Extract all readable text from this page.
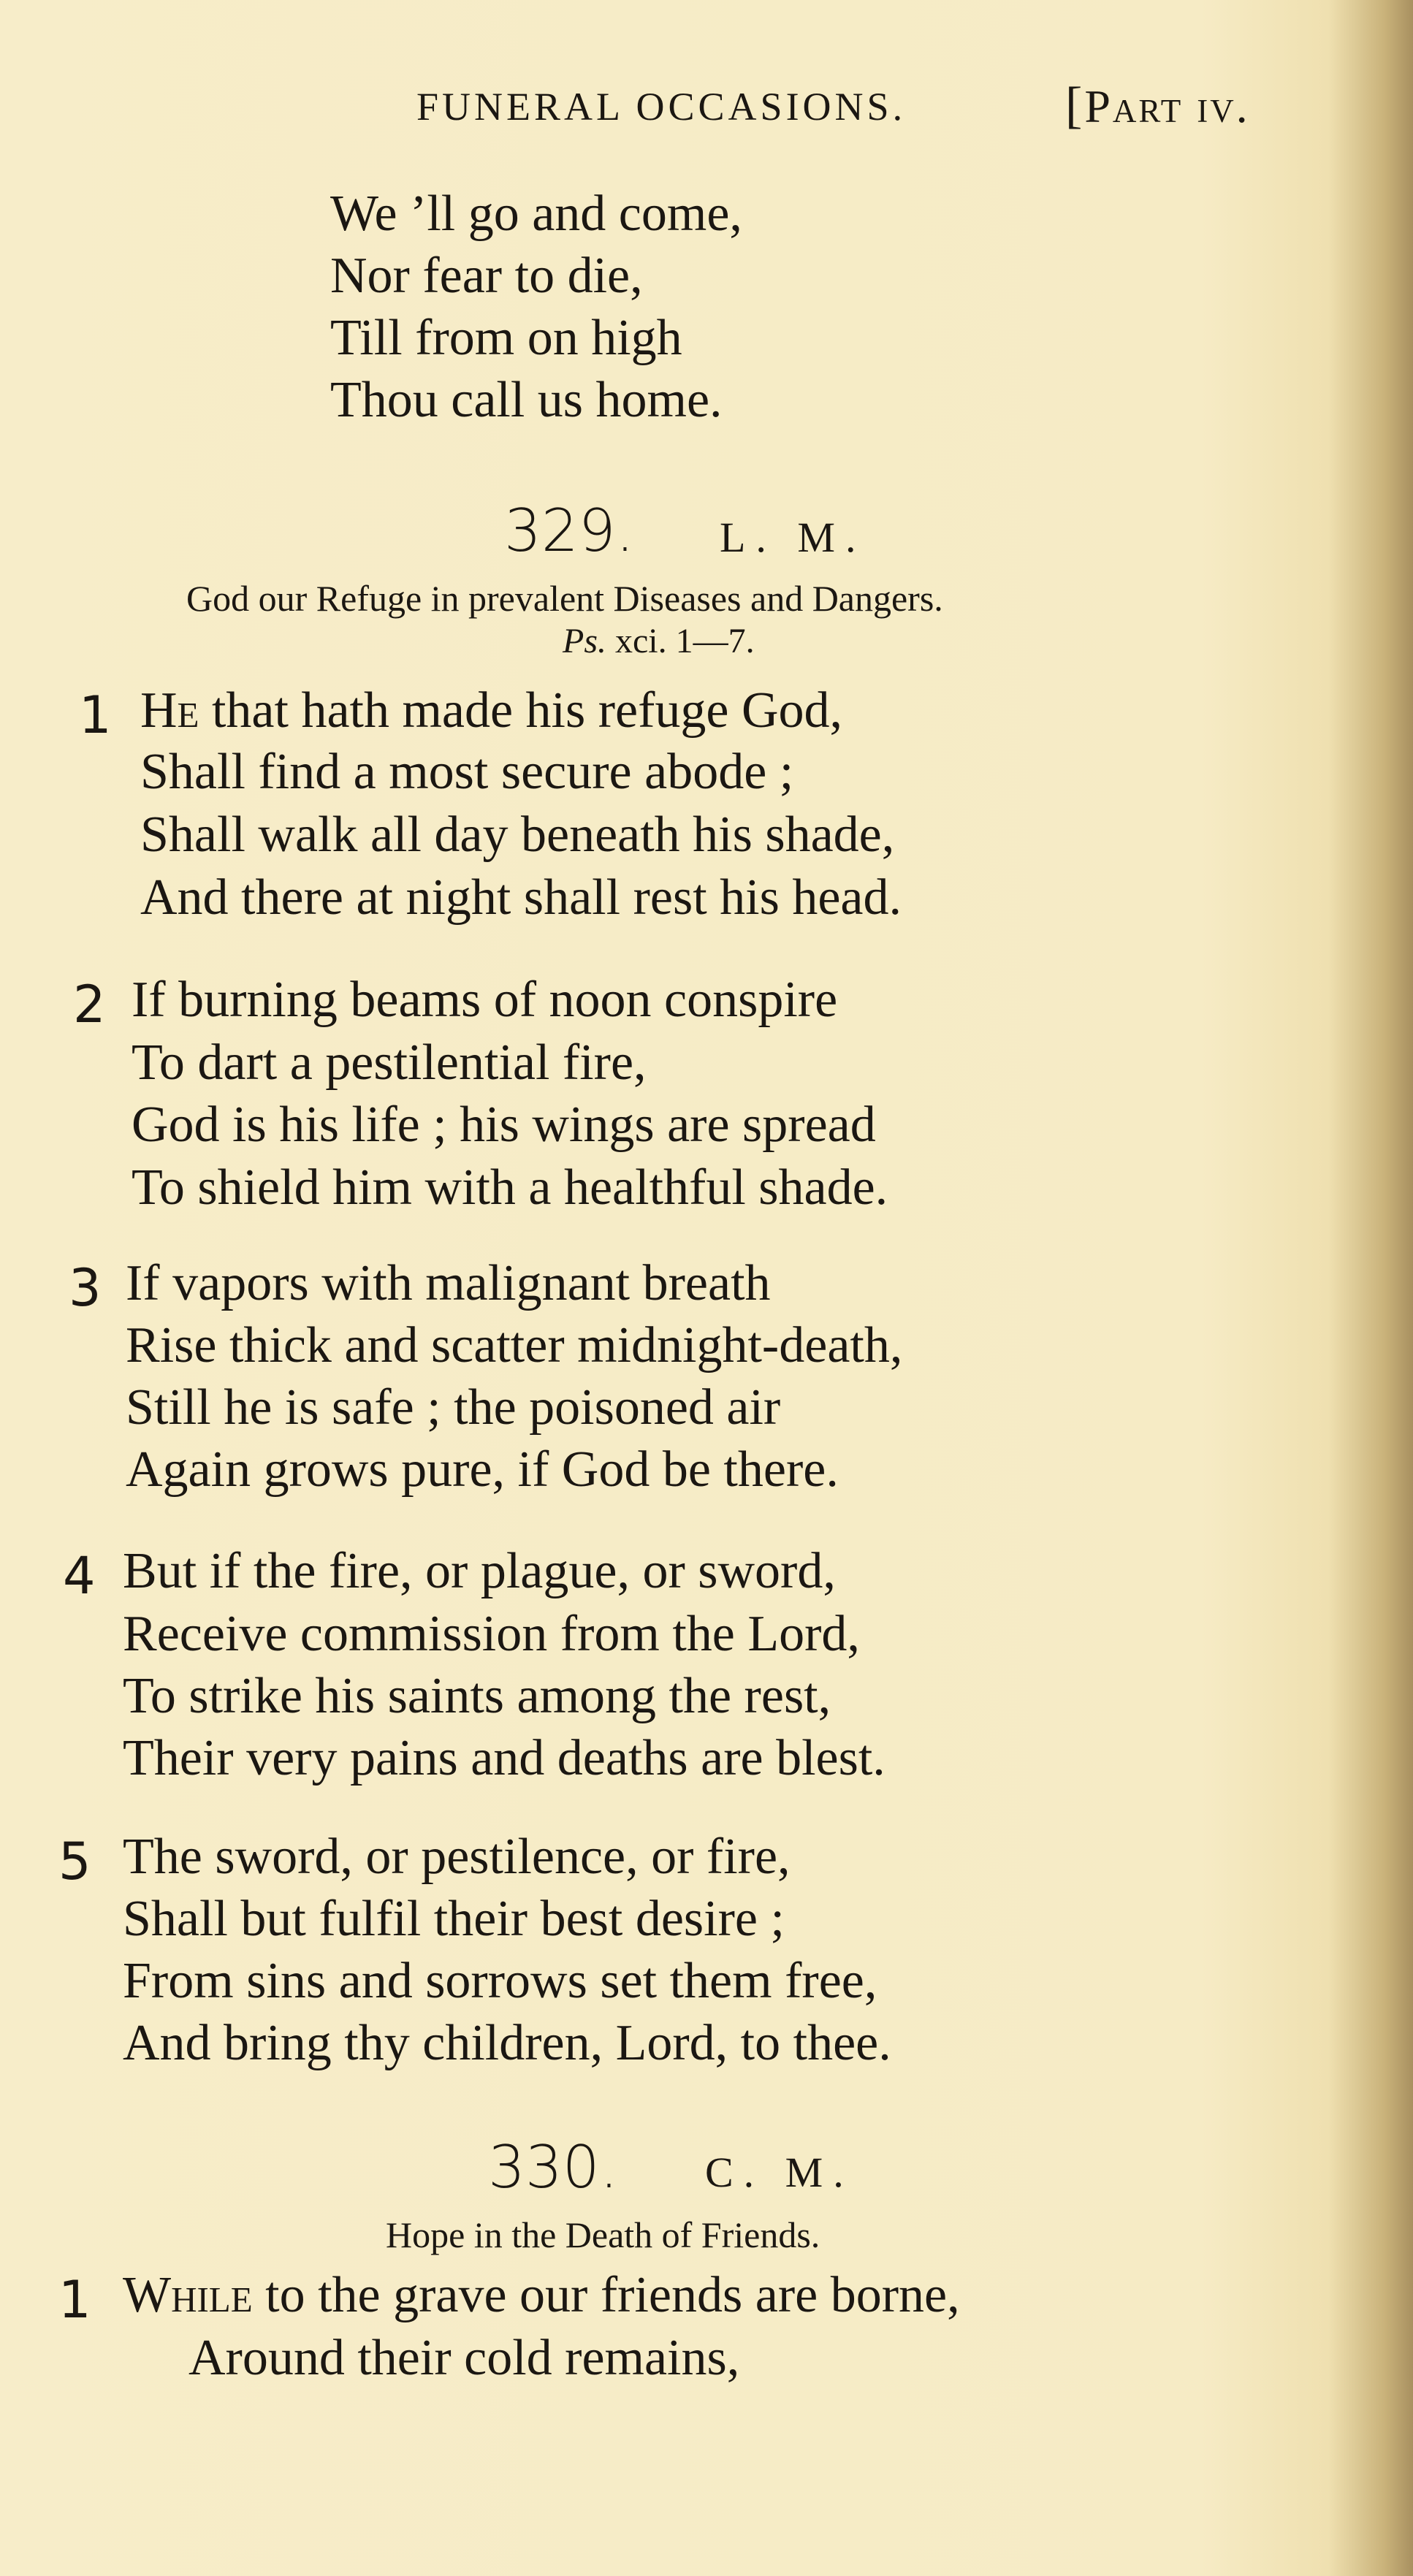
FUNERAL OCCASIONS.	[Part iv.
We ’ll go and come,
Nor fear to die,
Till from on high
Thou call us home.
329. L. M.
God our Refuge in prevalent Diseases and Dangers.
Ps. xci. 1—7.
1 He that hath made his refuge God,
Shall find a most secure abode ;
Shall walk all day beneath his shade,
And there at night shall rest his head.
2 If burning beams of noon conspire
To dart a pestilential fire,
God is his life ; his wings are spread
To shield him with a healthful shade.
3 If vapors with malignant breath
Rise thick and scatter midnight-death,
Still he is safe ; the poisoned air
Again grows pure, if God be there.
4 But if the fire, or plague, or sword,
Receive commission from the Lord,
To strike his saints among the rest,
Their very pains and deaths are blest.
5 The sword, or pestilence, or fire,
Shall but fulfil their best desire ;
From sins and sorrows set them free,
And bring thy children, Lord, to thee.
330. C. M.
Hope in the Death of Friends.
1 While to the grave our friends are borne,
Around their cold remains,
